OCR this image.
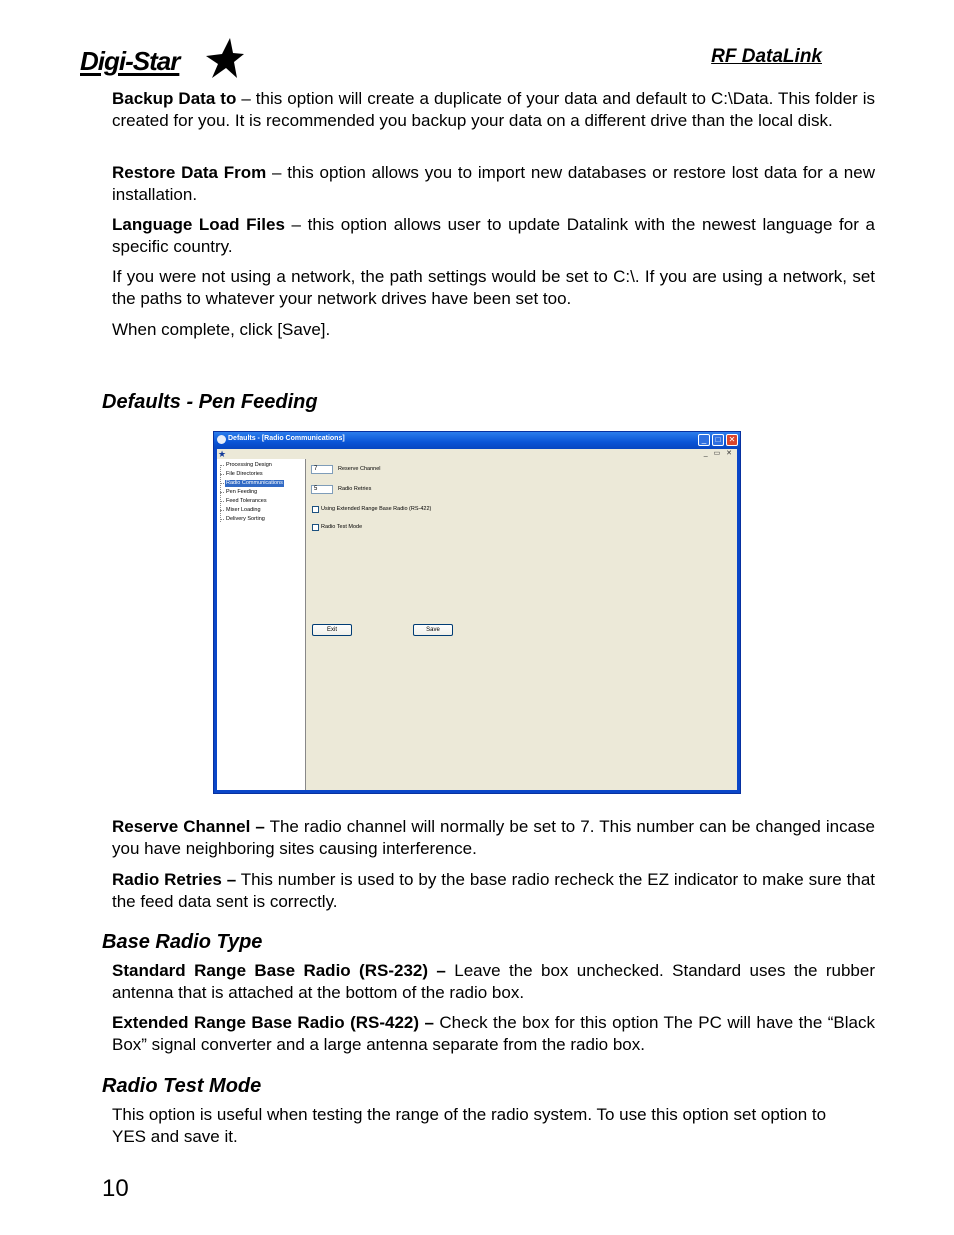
Digi-Star	RF DataLink

Backup Data to – this option will create a duplicate of your data and default to C:\Data. This folder is created for you. It is recommended you backup your data on a different drive than the local disk.

Restore Data From – this option allows you to import new databases or restore lost data for a new installation.

Language Load Files – this option allows user to update Datalink with the newest language for a specific country.

If you were not using a network, the path settings would be set to C:\. If you are using a network, set the paths to whatever your network drives have been set too.

When complete, click [Save].

Defaults - Pen Feeding
Defaults - [Radio Communications]	_	□	✕
★	_ ▭ ✕
Processing Design
File Directories
Radio Communications
Pen Feeding
Feed Tolerances
Mixer Loading
Delivery Sorting
7	Reserve Channel
5	Radio Retries
Using Extended Range Base Radio (RS-422)
Radio Test Mode
Exit	Save

Reserve Channel – The radio channel will normally be set to 7. This number can be changed incase you have neighboring sites causing interference.

Radio Retries – This number is used to by the base radio recheck the EZ indicator to make sure that the feed data sent is correctly.

Base Radio Type

Standard Range Base Radio (RS-232) – Leave the box unchecked. Standard uses the rubber antenna that is attached at the bottom of the radio box.

Extended Range Base Radio (RS-422) – Check the box for this option The PC will have the “Black Box” signal converter and a large antenna separate from the radio box.

Radio Test Mode

This option is useful when testing the range of the radio system. To use this option set option to YES and save it.

10
